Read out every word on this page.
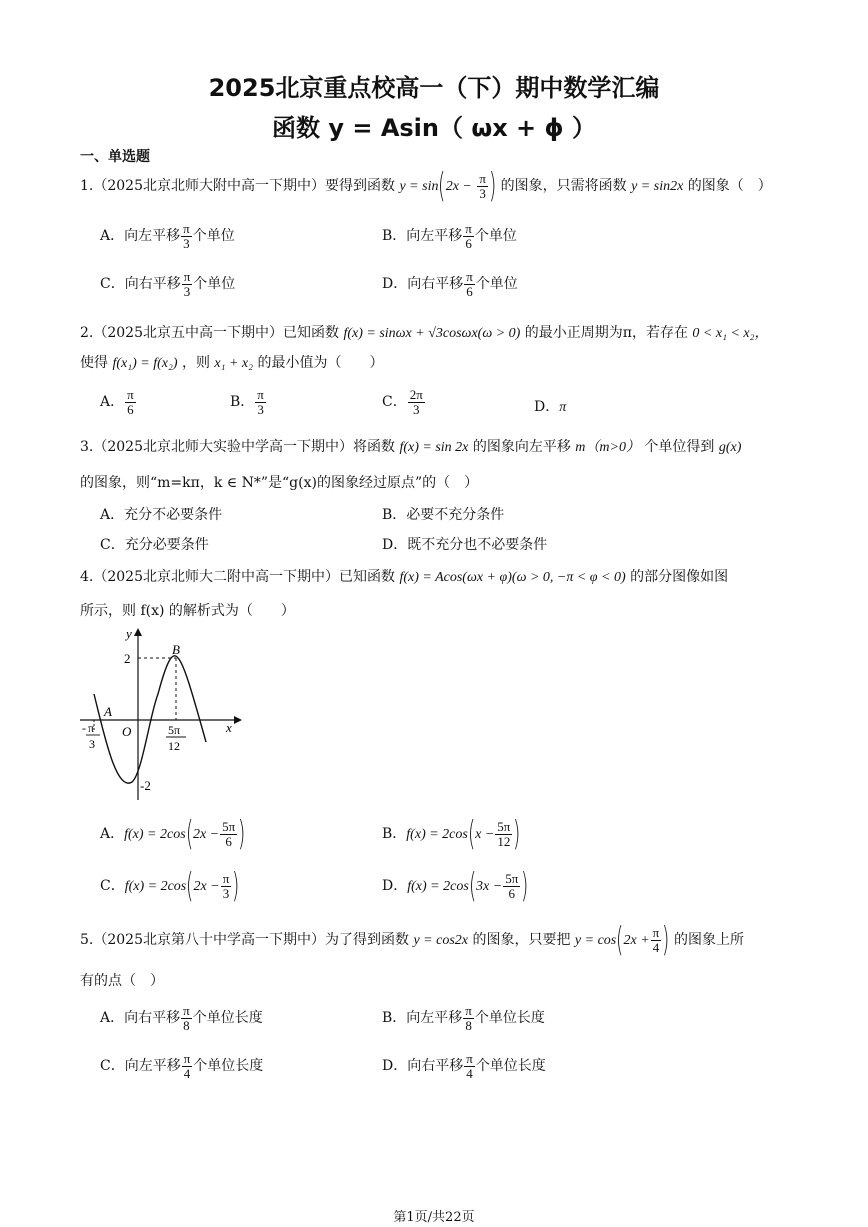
2025北京重点校高一（下）期中数学汇编
函数 y = Asin（ ωx + ϕ ）
一、单选题
1.（2025北京北师大附中高一下期中）要得到函数 $y = \sin(2x - \frac{\pi}{3}$ ) 的图象，只需将函数 y = sin2x 的图象（　）
A．向左平移 $\frac{\pi}{3}$ 个单位	B．向左平移 $\frac{\pi}{6}$ 个单位
C．向右平移 $\frac{\pi}{3}$ 个单位	D．向右平移 $\frac{\pi}{6}$ 个单位
2.（2025北京五中高一下期中）已知函数 f(x) = sinωx + √3cosωx(ω > 0) 的最小正周期为π，若存在 0 < x₁ < x₂，
使得 f(x₁) = f(x₂) ，则 x₁ + x₂ 的最小值为（　　）
A． $\frac{\pi}{6}$	B． $\frac{\pi}{3}$	C． $\frac{2\pi}{3}$	D．π
3.（2025北京北师大实验中学高一下期中）将函数 f(x) = sin 2x 的图象向左平移 m（m>0） 个单位得到 g(x)
的图象，则“m=kπ，k ∈ N*”是“g(x)的图象经过原点”的（　）
A．充分不必要条件	B．必要不充分条件
C．充分必要条件	D．既不充分也不必要条件
4.（2025北京北师大二附中高一下期中）已知函数 f(x) = Acos(ωx + φ)(ω > 0, −π < φ < 0) 的部分图像如图
所示，则 f(x) 的解析式为（　　）
y
x
O
A
B
2
-2
- π
3
5π
12
A．$f(x) = 2\cos(2x - \frac{5\pi}{6}$ )	B．$f(x) = 2\cos(x - \frac{5\pi}{12}$ )
C．$f(x) = 2\cos(2x - \frac{\pi}{3}$ )	D．$f(x) = 2\cos(3x - \frac{5\pi}{6}$ )
5.（2025北京第八十中学高一下期中）为了得到函数 y = cos2x 的图象，只要把 $y = \cos(2x + \frac{\pi}{4}$ ) 的图象上所
有的点（　）
A．向右平移 $\frac{\pi}{8}$ 个单位长度	B．向左平移 $\frac{\pi}{8}$ 个单位长度
C．向左平移 $\frac{\pi}{4}$ 个单位长度	D．向右平移 $\frac{\pi}{4}$ 个单位长度
第1页/共22页
